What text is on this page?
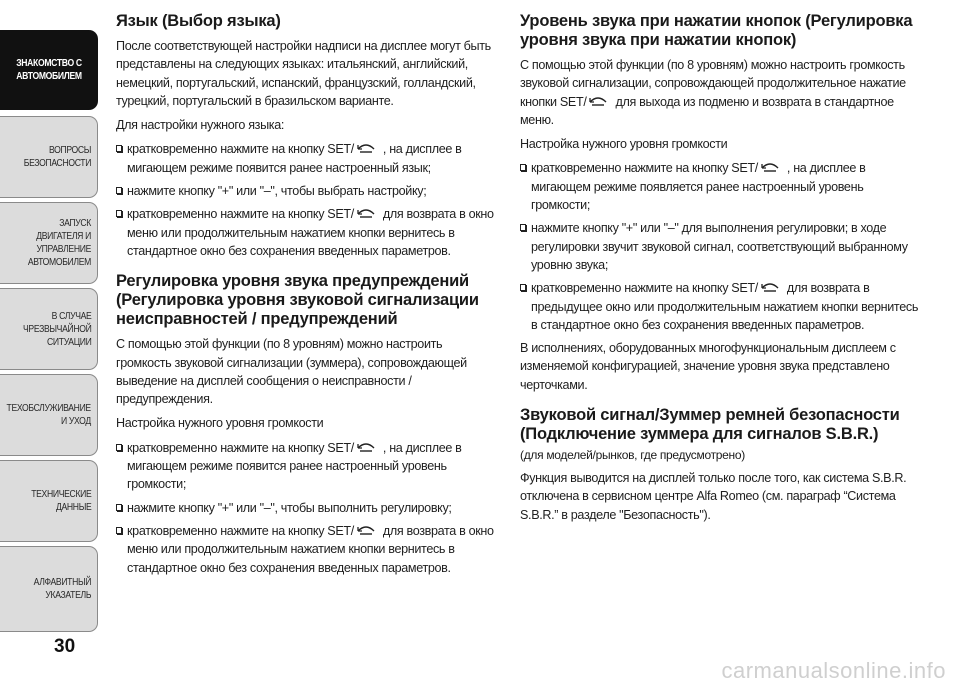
ЗНАКОМСТВО С
АВТОМОБИЛЕМ
ВОПРОСЫ
БЕЗОПАСНОСТИ
ЗАПУСК ДВИГАТЕЛЯ И
УПРАВЛЕНИЕ
АВТОМОБИЛЕМ
В СЛУЧАЕ
ЧРЕЗВЫЧАЙНОЙ
СИТУАЦИИ
ТЕХОБСЛУЖИВАНИЕ
И УХОД
ТЕХНИЧЕСКИЕ
ДАННЫЕ
АЛФАВИТНЫЙ
УКАЗАТЕЛЬ
30
Язык (Выбор языка)

После соответствующей настройки надписи на дисплее могут быть представлены на следующих языках: итальянский, английский, немецкий, португальский, испанский, французский, голландский, турецкий, португальский в бразильском варианте.

Для настройки нужного языка:

кратковременно нажмите на кнопку SET/ , на дисплее в мигающем режиме появится ранее настроенный язык;
нажмите кнопку "+" или "–", чтобы выбрать настройку;
кратковременно нажмите на кнопку SET/ для возврата в окно меню или продолжительным нажатием кнопки вернитесь в стандартное окно без сохранения введенных параметров.
Регулировка уровня звука предупреждений (Регулировка уровня звуковой сигнализации неисправностей / предупреждений

С помощью этой функции (по 8 уровням) можно настроить громкость звуковой сигнализации (зуммера), сопровождающей выведение на дисплей сообщения о неисправности / предупреждения.

Настройка нужного уровня громкости

кратковременно нажмите на кнопку SET/ , на дисплее в мигающем режиме появится ранее настроенный уровень громкости;
нажмите кнопку "+" или "–", чтобы выполнить регулировку;
кратковременно нажмите на кнопку SET/ для возврата в окно меню или продолжительным нажатием кнопки вернитесь в стандартное окно без сохранения введенных параметров.
Уровень звука при нажатии кнопок (Регулировка уровня звука при нажатии кнопок)

С помощью этой функции (по 8 уровням) можно настроить громкость звуковой сигнализации, сопровождающей продолжительное нажатие кнопки SET/ для выхода из подменю и возврата в стандартное меню.

Настройка нужного уровня громкости

кратковременно нажмите на кнопку SET/ , на дисплее в мигающем режиме появляется ранее настроенный уровень громкости;
нажмите кнопку "+" или "–" для выполнения регулировки; в ходе регулировки звучит звуковой сигнал, соответствующий выбранному уровню звука;
кратковременно нажмите на кнопку SET/ для возврата в предыдущее окно или продолжительным нажатием кнопки вернитесь в стандартное окно без сохранения введенных параметров.

В исполнениях, оборудованных многофункциональным дисплеем с изменяемой конфигурацией, значение уровня звука представлено черточками.

Звуковой сигнал/Зуммер ремней безопасности (Подключение зуммера для сигналов S.B.R.)
(для моделей/рынков, где предусмотрено)

Функция выводится на дисплей только после того, как система S.B.R. отключена в сервисном центре Alfa Romeo (см. параграф “Система S.B.R.” в разделе "Безопасность").

carmanualsonline.info
